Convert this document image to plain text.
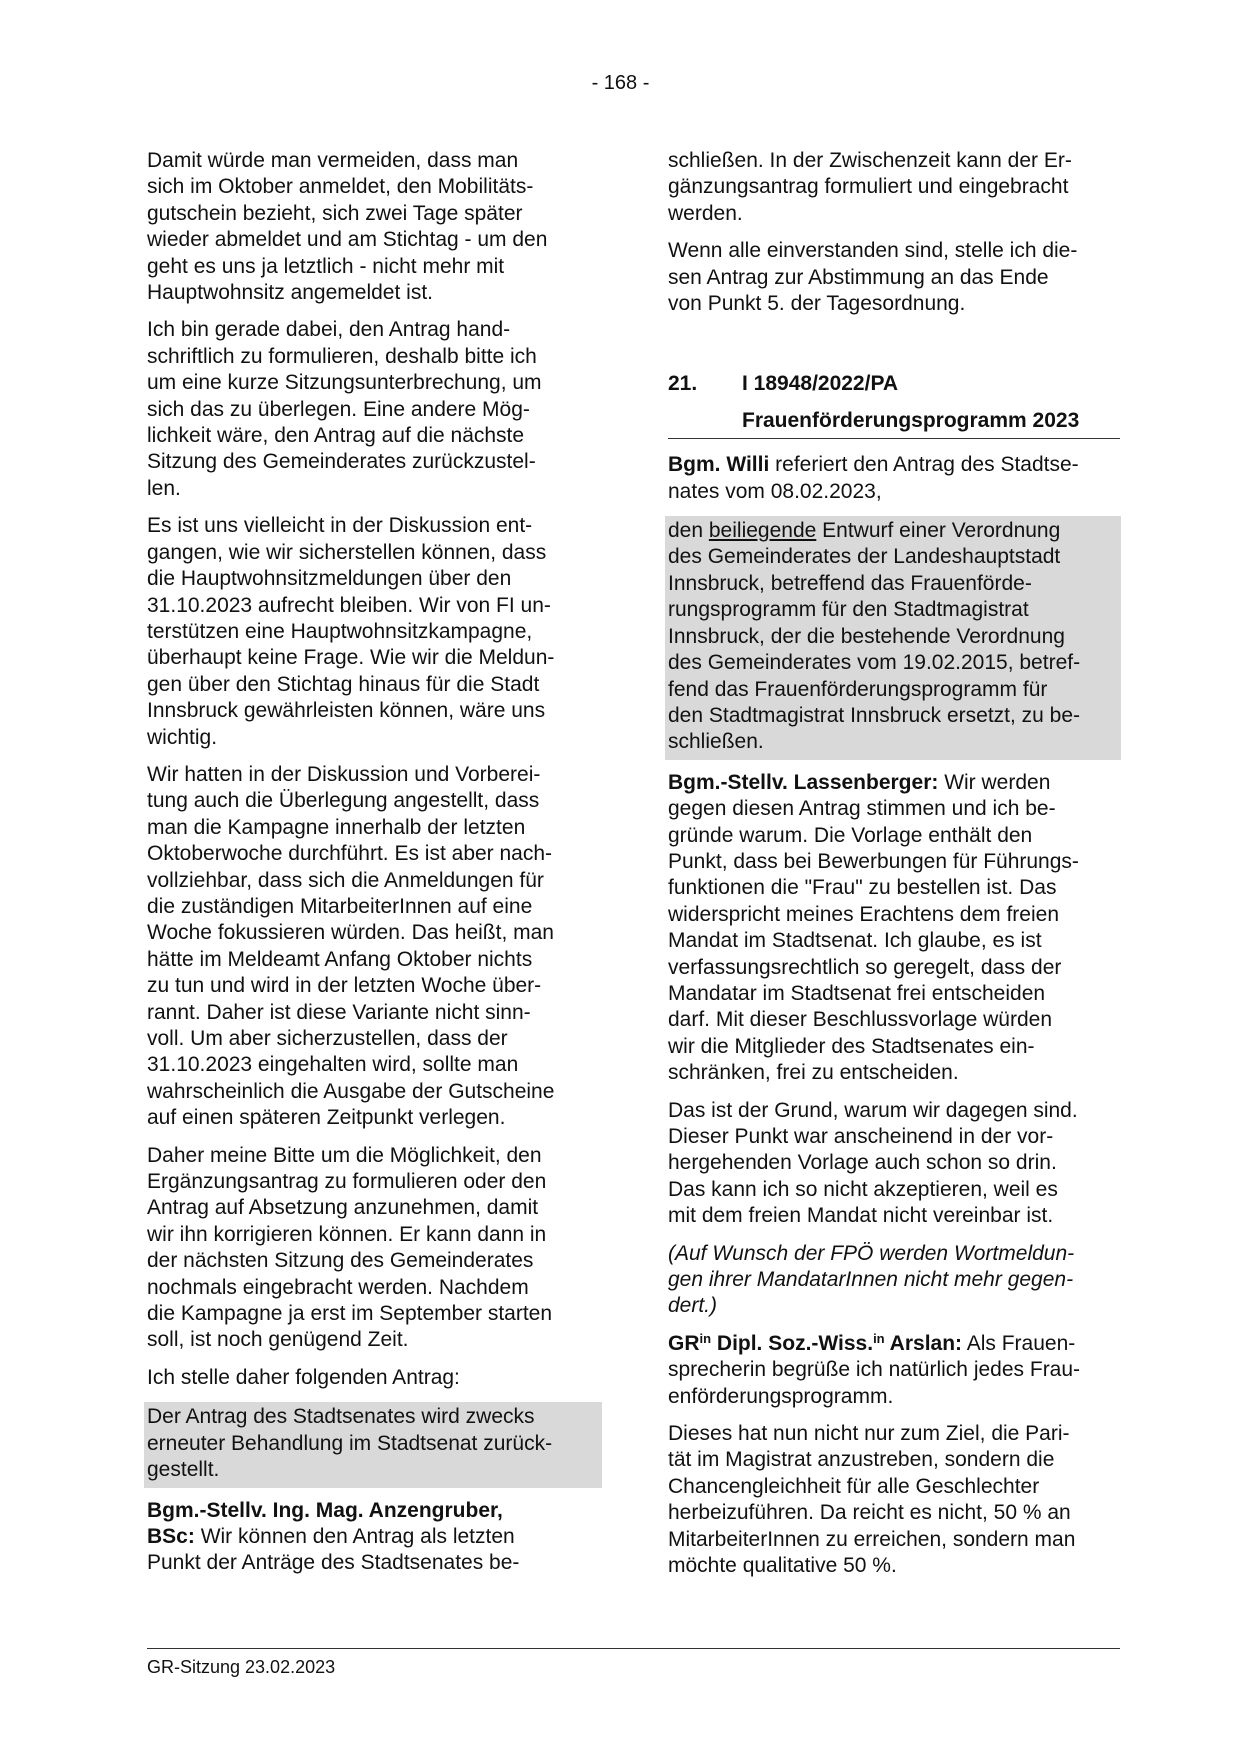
- 168 -

Damit würde man vermeiden, dass man
sich im Oktober anmeldet, den Mobilitäts-
gutschein bezieht, sich zwei Tage später
wieder abmeldet und am Stichtag - um den
geht es uns ja letztlich - nicht mehr mit
Hauptwohnsitz angemeldet ist.

Ich bin gerade dabei, den Antrag hand-
schriftlich zu formulieren, deshalb bitte ich
um eine kurze Sitzungsunterbrechung, um
sich das zu überlegen. Eine andere Mög-
lichkeit wäre, den Antrag auf die nächste
Sitzung des Gemeinderates zurückzustel-
len.

Es ist uns vielleicht in der Diskussion ent-
gangen, wie wir sicherstellen können, dass
die Hauptwohnsitzmeldungen über den
31.10.2023 aufrecht bleiben. Wir von FI un-
terstützen eine Hauptwohnsitzkampagne,
überhaupt keine Frage. Wie wir die Meldun-
gen über den Stichtag hinaus für die Stadt
Innsbruck gewährleisten können, wäre uns
wichtig.

Wir hatten in der Diskussion und Vorberei-
tung auch die Überlegung angestellt, dass
man die Kampagne innerhalb der letzten
Oktoberwoche durchführt. Es ist aber nach-
vollziehbar, dass sich die Anmeldungen für
die zuständigen MitarbeiterInnen auf eine
Woche fokussieren würden. Das heißt, man
hätte im Meldeamt Anfang Oktober nichts
zu tun und wird in der letzten Woche über-
rannt. Daher ist diese Variante nicht sinn-
voll. Um aber sicherzustellen, dass der
31.10.2023 eingehalten wird, sollte man
wahrscheinlich die Ausgabe der Gutscheine
auf einen späteren Zeitpunkt verlegen.

Daher meine Bitte um die Möglichkeit, den
Ergänzungsantrag zu formulieren oder den
Antrag auf Absetzung anzunehmen, damit
wir ihn korrigieren können. Er kann dann in
der nächsten Sitzung des Gemeinderates
nochmals eingebracht werden. Nachdem
die Kampagne ja erst im September starten
soll, ist noch genügend Zeit.

Ich stelle daher folgenden Antrag:

Der Antrag des Stadtsenates wird zwecks
erneuter Behandlung im Stadtsenat zurück-
gestellt.

Bgm.-Stellv. Ing. Mag. Anzengruber,
BSc: Wir können den Antrag als letzten
Punkt der Anträge des Stadtsenates be-

schließen. In der Zwischenzeit kann der Er-
gänzungsantrag formuliert und eingebracht
werden.

Wenn alle einverstanden sind, stelle ich die-
sen Antrag zur Abstimmung an das Ende
von Punkt 5. der Tagesordnung.

21. I 18948/2022/PA
Frauenförderungsprogramm 2023

Bgm. Willi referiert den Antrag des Stadtse-
nates vom 08.02.2023,

den beiliegende Entwurf einer Verordnung
des Gemeinderates der Landeshauptstadt
Innsbruck, betreffend das Frauenförde-
rungsprogramm für den Stadtmagistrat
Innsbruck, der die bestehende Verordnung
des Gemeinderates vom 19.02.2015, betref-
fend das Frauenförderungsprogramm für
den Stadtmagistrat Innsbruck ersetzt, zu be-
schließen.

Bgm.-Stellv. Lassenberger: Wir werden
gegen diesen Antrag stimmen und ich be-
gründe warum. Die Vorlage enthält den
Punkt, dass bei Bewerbungen für Führungs-
funktionen die "Frau" zu bestellen ist. Das
widerspricht meines Erachtens dem freien
Mandat im Stadtsenat. Ich glaube, es ist
verfassungsrechtlich so geregelt, dass der
Mandatar im Stadtsenat frei entscheiden
darf. Mit dieser Beschlussvorlage würden
wir die Mitglieder des Stadtsenates ein-
schränken, frei zu entscheiden.

Das ist der Grund, warum wir dagegen sind.
Dieser Punkt war anscheinend in der vor-
hergehenden Vorlage auch schon so drin.
Das kann ich so nicht akzeptieren, weil es
mit dem freien Mandat nicht vereinbar ist.

(Auf Wunsch der FPÖ werden Wortmeldun-
gen ihrer MandatarInnen nicht mehr gegen-
dert.)

$GR^{in}$ Dipl. Soz.-Wiss.$^{in}$ Arslan: Als Frauen-
sprecherin begrüße ich natürlich jedes Frau-
enförderungsprogramm.

Dieses hat nun nicht nur zum Ziel, die Pari-
tät im Magistrat anzustreben, sondern die
Chancengleichheit für alle Geschlechter
herbeizuführen. Da reicht es nicht, 50 % an
MitarbeiterInnen zu erreichen, sondern man
möchte qualitative 50 %.

GR-Sitzung 23.02.2023
